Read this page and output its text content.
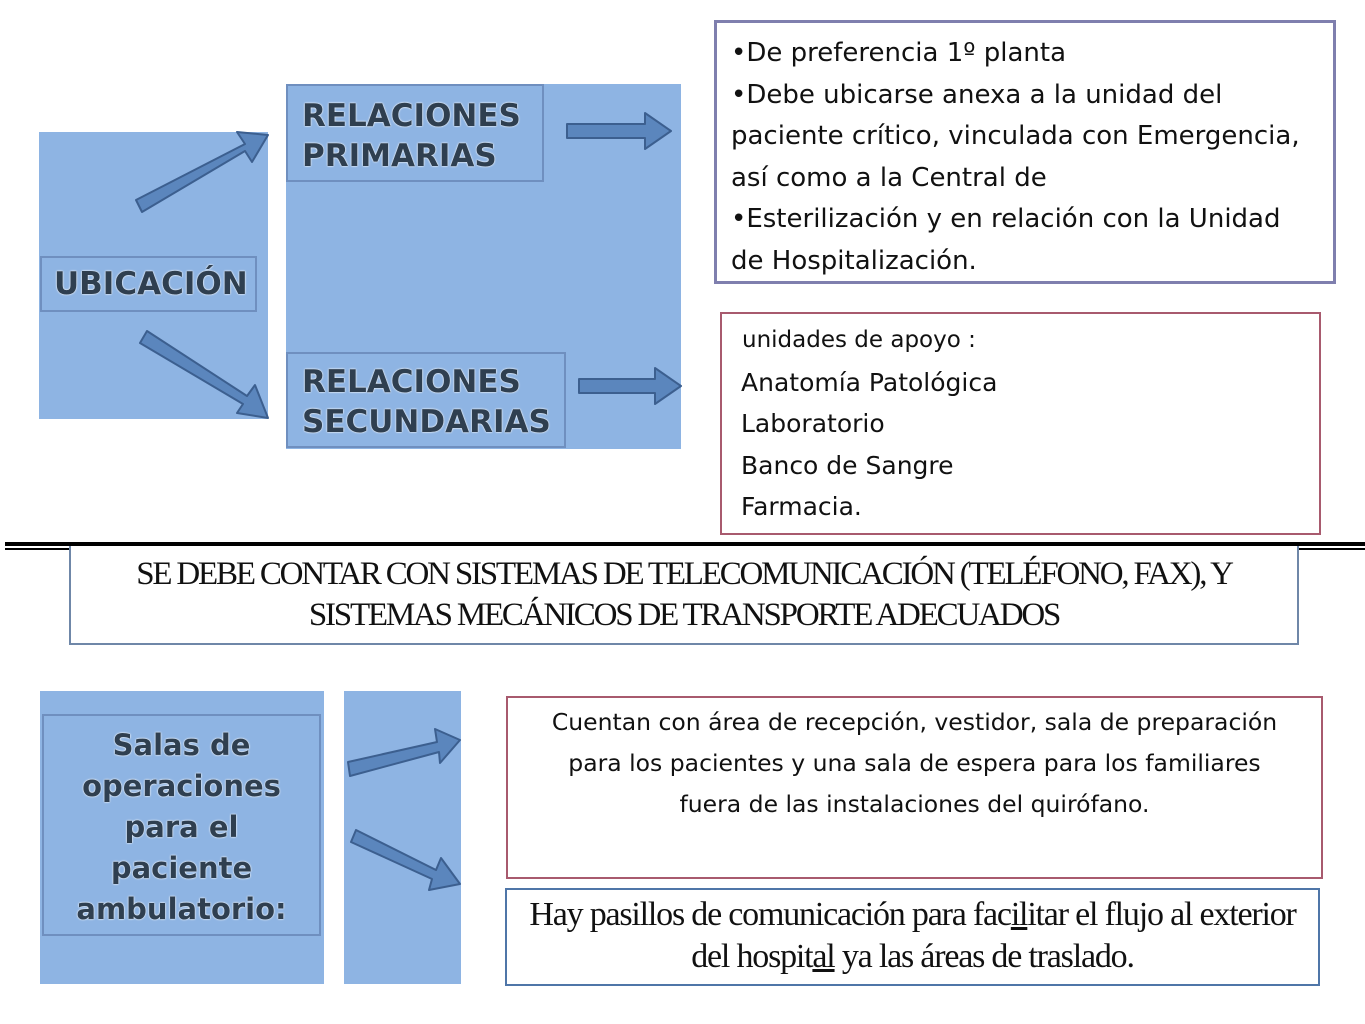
UBICACIÓN
RELACIONES
PRIMARIAS
RELACIONES
SECUNDARIAS
•De preferencia 1º planta
•Debe ubicarse anexa a la unidad del paciente crítico, vinculada con Emergencia, así como a la Central de
•Esterilización y en relación con la Unidad de Hospitalización.
unidades de apoyo :
Anatomía Patológica
Laboratorio
Banco de Sangre
Farmacia.
SE DEBE CONTAR CON SISTEMAS DE TELECOMUNICACIÓN (TELÉFONO, FAX), Y SISTEMAS MECÁNICOS DE TRANSPORTE ADECUADOS
Salas de
operaciones
para el
paciente
ambulatorio:
Cuentan con área de recepción, vestidor, sala de preparación para los pacientes y una sala de espera para los familiares fuera de las instalaciones del quirófano.
Hay pasillos de comunicación para facilitar el flujo al exterior del hospital ya las áreas de traslado.
